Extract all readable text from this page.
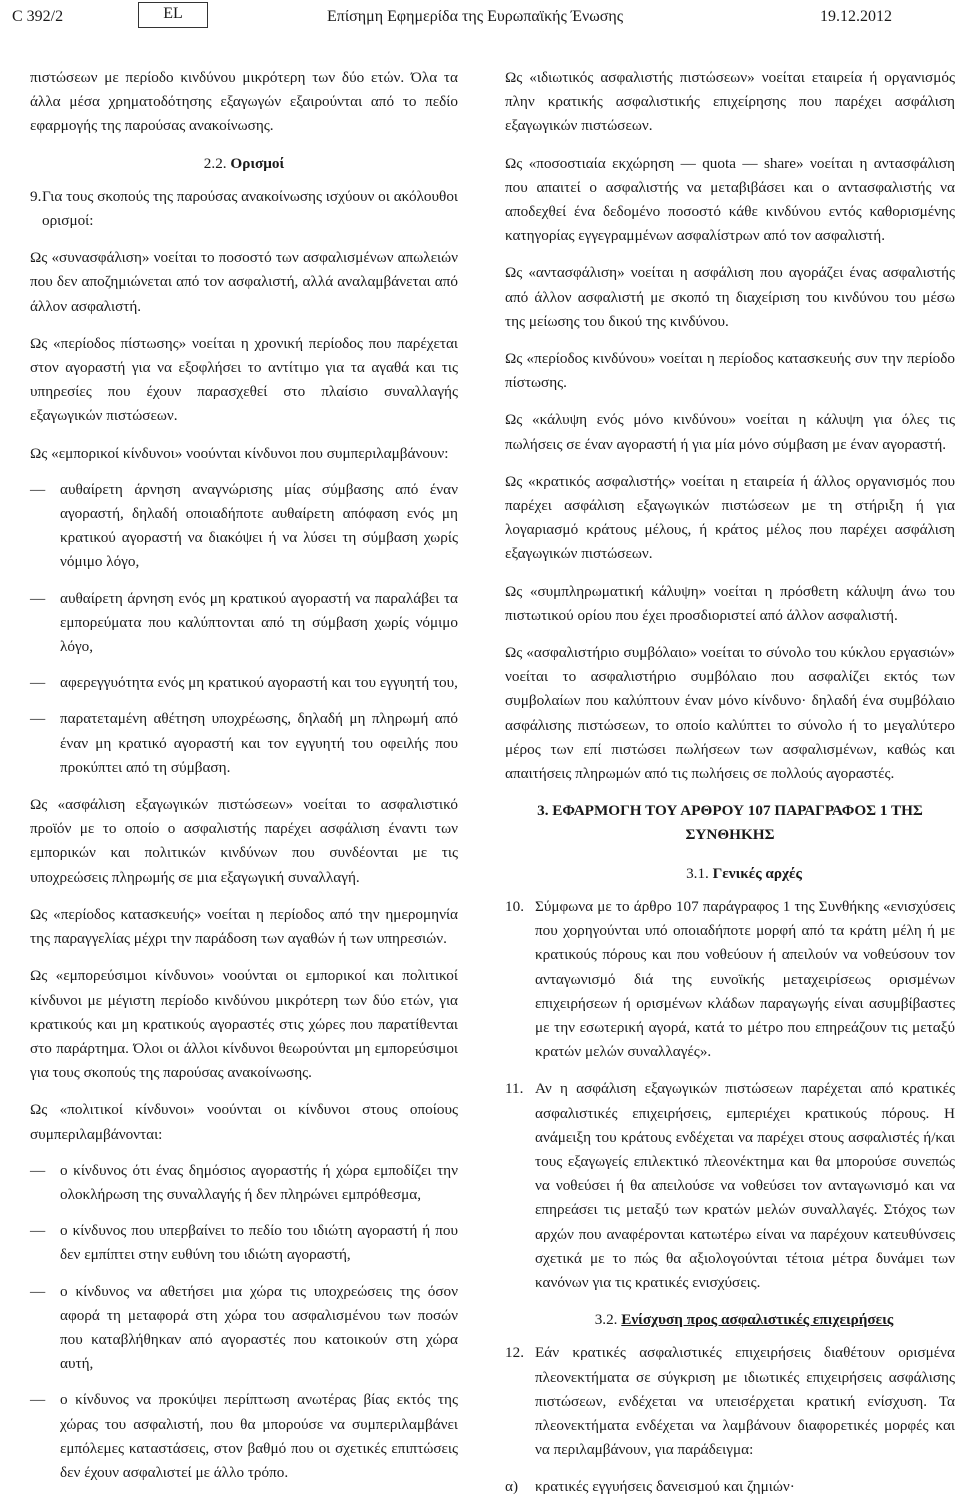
C 392/2	EL	Επίσημη Εφημερίδα της Ευρωπαϊκής Ένωσης	19.12.2012

πιστώσεων με περίοδο κινδύνου μικρότερη των δύο ετών. Όλα τα άλλα μέσα χρηματοδότησης εξαγωγών εξαιρούνται από το πεδίο εφαρμογής της παρούσας ανακοίνωσης.

2.2. Ορισμοί
9. Για τους σκοπούς της παρούσας ανακοίνωσης ισχύουν οι ακόλουθοι ορισμοί:

Ως «συνασφάλιση» νοείται το ποσοστό των ασφαλισμένων απωλειών που δεν αποζημιώνεται από τον ασφαλιστή, αλλά αναλαμβάνεται από άλλον ασφαλιστή.

Ως «περίοδος πίστωσης» νοείται η χρονική περίοδος που παρέχεται στον αγοραστή για να εξοφλήσει το αντίτιμο για τα αγαθά και τις υπηρεσίες που έχουν παρασχεθεί στο πλαίσιο συναλλαγής εξαγωγικών πιστώσεων.

Ως «εμπορικοί κίνδυνοι» νοούνται κίνδυνοι που συμπεριλαμβάνουν:

— αυθαίρετη άρνηση αναγνώρισης μίας σύμβασης από έναν αγοραστή, δηλαδή οποιαδήποτε αυθαίρετη απόφαση ενός μη κρατικού αγοραστή να διακόψει ή να λύσει τη σύμβαση χωρίς νόμιμο λόγο,
— αυθαίρετη άρνηση ενός μη κρατικού αγοραστή να παραλάβει τα εμπορεύματα που καλύπτονται από τη σύμβαση χωρίς νόμιμο λόγο,
— αφερεγγυότητα ενός μη κρατικού αγοραστή και του εγγυητή του,
— παρατεταμένη αθέτηση υποχρέωσης, δηλαδή μη πληρωμή από έναν μη κρατικό αγοραστή και τον εγγυητή του οφειλής που προκύπτει από τη σύμβαση.

Ως «ασφάλιση εξαγωγικών πιστώσεων» νοείται το ασφαλιστικό προϊόν με το οποίο ο ασφαλιστής παρέχει ασφάλιση έναντι των εμπορικών και πολιτικών κινδύνων που συνδέονται με τις υποχρεώσεις πληρωμής σε μια εξαγωγική συναλλαγή.

Ως «περίοδος κατασκευής» νοείται η περίοδος από την ημερομηνία της παραγγελίας μέχρι την παράδοση των αγαθών ή των υπηρεσιών.

Ως «εμπορεύσιμοι κίνδυνοι» νοούνται οι εμπορικοί και πολιτικοί κίνδυνοι με μέγιστη περίοδο κινδύνου μικρότερη των δύο ετών, για κρατικούς και μη κρατικούς αγοραστές στις χώρες που παρατίθενται στο παράρτημα. Όλοι οι άλλοι κίνδυνοι θεωρούνται μη εμπορεύσιμοι για τους σκοπούς της παρούσας ανακοίνωσης.

Ως «πολιτικοί κίνδυνοι» νοούνται οι κίνδυνοι στους οποίους συμπεριλαμβάνονται:

— ο κίνδυνος ότι ένας δημόσιος αγοραστής ή χώρα εμποδίζει την ολοκλήρωση της συναλλαγής ή δεν πληρώνει εμπρόθεσμα,
— ο κίνδυνος που υπερβαίνει το πεδίο του ιδιώτη αγοραστή ή που δεν εμπίπτει στην ευθύνη του ιδιώτη αγοραστή,
— ο κίνδυνος να αθετήσει μια χώρα τις υποχρεώσεις της όσον αφορά τη μεταφορά στη χώρα του ασφαλισμένου των ποσών που καταβλήθηκαν από αγοραστές που κατοικούν στη χώρα αυτή,
— ο κίνδυνος να προκύψει περίπτωση ανωτέρας βίας εκτός της χώρας του ασφαλιστή, που θα μπορούσε να συμπεριλαμβάνει εμπόλεμες καταστάσεις, στον βαθμό που οι σχετικές επιπτώσεις δεν έχουν ασφαλιστεί με άλλο τρόπο.

Ως «ιδιωτικός ασφαλιστής πιστώσεων» νοείται εταιρεία ή οργανισμός πλην κρατικής ασφαλιστικής επιχείρησης που παρέχει ασφάλιση εξαγωγικών πιστώσεων.

Ως «ποσοστιαία εκχώρηση — quota — share» νοείται η αντασφάλιση που απαιτεί ο ασφαλιστής να μεταβιβάσει και ο αντασφαλιστής να αποδεχθεί ένα δεδομένο ποσοστό κάθε κινδύνου εντός καθορισμένης κατηγορίας εγγεγραμμένων ασφαλίστρων από τον ασφαλιστή.

Ως «αντασφάλιση» νοείται η ασφάλιση που αγοράζει ένας ασφαλιστής από άλλον ασφαλιστή με σκοπό τη διαχείριση του κινδύνου του μέσω της μείωσης του δικού της κινδύνου.

Ως «περίοδος κινδύνου» νοείται η περίοδος κατασκευής συν την περίοδο πίστωσης.

Ως «κάλυψη ενός μόνο κινδύνου» νοείται η κάλυψη για όλες τις πωλήσεις σε έναν αγοραστή ή για μία μόνο σύμβαση με έναν αγοραστή.

Ως «κρατικός ασφαλιστής» νοείται η εταιρεία ή άλλος οργανισμός που παρέχει ασφάλιση εξαγωγικών πιστώσεων με τη στήριξη ή για λογαριασμό κράτους μέλους, ή κράτος μέλος που παρέχει ασφάλιση εξαγωγικών πιστώσεων.

Ως «συμπληρωματική κάλυψη» νοείται η πρόσθετη κάλυψη άνω του πιστωτικού ορίου που έχει προσδιοριστεί από άλλον ασφαλιστή.

Ως «ασφαλιστήριο συμβόλαιο» νοείται το σύνολο του κύκλου εργασιών» νοείται το ασφαλιστήριο συμβόλαιο που ασφαλίζει εκτός των συμβολαίων που καλύπτουν έναν μόνο κίνδυνο· δηλαδή ένα συμβόλαιο ασφάλισης πιστώσεων, το οποίο καλύπτει το σύνολο ή το μεγαλύτερο μέρος των επί πιστώσει πωλήσεων των ασφαλισμένων, καθώς και απαιτήσεις πληρωμών από τις πωλήσεις σε πολλούς αγοραστές.

3. ΕΦΑΡΜΟΓΗ ΤΟΥ ΑΡΘΡΟΥ 107 ΠΑΡΑΓΡΑΦΟΣ 1 ΤΗΣ ΣΥΝΘΗΚΗΣ
3.1. Γενικές αρχές
10. Σύμφωνα με το άρθρο 107 παράγραφος 1 της Συνθήκης «ενισχύσεις που χορηγούνται υπό οποιαδήποτε μορφή από τα κράτη μέλη ή με κρατικούς πόρους και που νοθεύουν ή απειλούν να νοθεύσουν τον ανταγωνισμό διά της ευνοϊκής μεταχειρίσεως ορισμένων επιχειρήσεων ή ορισμένων κλάδων παραγωγής είναι ασυμβίβαστες με την εσωτερική αγορά, κατά το μέτρο που επηρεάζουν τις μεταξύ κρατών μελών συναλλαγές».
11. Αν η ασφάλιση εξαγωγικών πιστώσεων παρέχεται από κρατικές ασφαλιστικές επιχειρήσεις, εμπεριέχει κρατικούς πόρους. Η ανάμειξη του κράτους ενδέχεται να παρέχει στους ασφαλιστές ή/και τους εξαγωγείς επιλεκτικό πλεονέκτημα και θα μπορούσε συνεπώς να νοθεύσει ή θα απειλούσε να νοθεύσει τον ανταγωνισμό και να επηρεάσει τις μεταξύ των κρατών μελών συναλλαγές. Στόχος των αρχών που αναφέρονται κατωτέρω είναι να παρέχουν κατευθύνσεις σχετικά με το πώς θα αξιολογούνται τέτοια μέτρα δυνάμει των κανόνων για τις κρατικές ενισχύσεις.
3.2. Ενίσχυση προς ασφαλιστικές επιχειρήσεις
12. Εάν κρατικές ασφαλιστικές επιχειρήσεις διαθέτουν ορισμένα πλεονεκτήματα σε σύγκριση με ιδιωτικές επιχειρήσεις ασφάλισης πιστώσεων, ενδέχεται να υπεισέρχεται κρατική ενίσχυση. Τα πλεονεκτήματα ενδέχεται να λαμβάνουν διαφορετικές μορφές και να περιλαμβάνουν, για παράδειγμα:
α)	κρατικές εγγυήσεις δανεισμού και ζημιών·
